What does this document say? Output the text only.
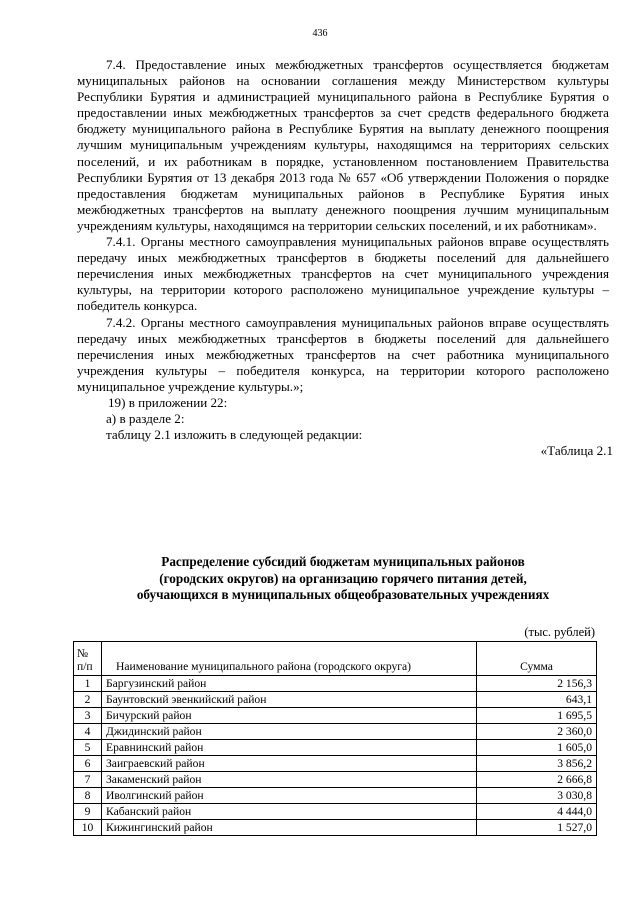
436

7.4. Предоставление иных межбюджетных трансфертов осуществляется бюджетам муниципальных районов на основании соглашения между Министерством культуры Республики Бурятия и администрацией муниципального района в Республике Бурятия о предоставлении иных межбюджетных трансфертов за счет средств федерального бюджета бюджету муниципального района в Республике Бурятия на выплату денежного поощрения лучшим муниципальным учреждениям культуры, находящимся на территориях сельских поселений, и их работникам в порядке, установленном постановлением Правительства Республики Бурятия от 13 декабря 2013 года № 657 «Об утверждении Положения о порядке предоставления бюджетам муниципальных районов в Республике Бурятия иных межбюджетных трансфертов на выплату денежного поощрения лучшим муниципальным учреждениям культуры, находящимся на территории сельских поселений, и их работникам».

7.4.1. Органы местного самоуправления муниципальных районов вправе осуществлять передачу иных межбюджетных трансфертов в бюджеты поселений для дальнейшего перечисления иных межбюджетных трансфертов на счет муниципального учреждения культуры, на территории которого расположено муниципальное учреждение культуры – победитель конкурса.

7.4.2. Органы местного самоуправления муниципальных районов вправе осуществлять передачу иных межбюджетных трансфертов в бюджеты поселений для дальнейшего перечисления иных межбюджетных трансфертов на счет работника муниципального учреждения культуры – победителя конкурса, на территории которого расположено муниципальное учреждение культуры.»;

19) в приложении 22:

а) в разделе 2:

таблицу 2.1 изложить в следующей редакции:

«Таблица 2.1

Распределение субсидий бюджетам муниципальных районов
(городских округов) на организацию горячего питания детей,
обучающихся в муниципальных общеобразовательных учреждениях
(тыс. рублей)
№
п/п	Наименование муниципального района (городского округа)	Сумма
1	Баргузинский район	2 156,3
2	Баунтовский эвенкийский район	643,1
3	Бичурский район	1 695,5
4	Джидинский район	2 360,0
5	Еравнинский район	1 605,0
6	Заиграевский район	3 856,2
7	Закаменский район	2 666,8
8	Иволгинский район	3 030,8
9	Кабанский район	4 444,0
10	Кижингинский район	1 527,0
